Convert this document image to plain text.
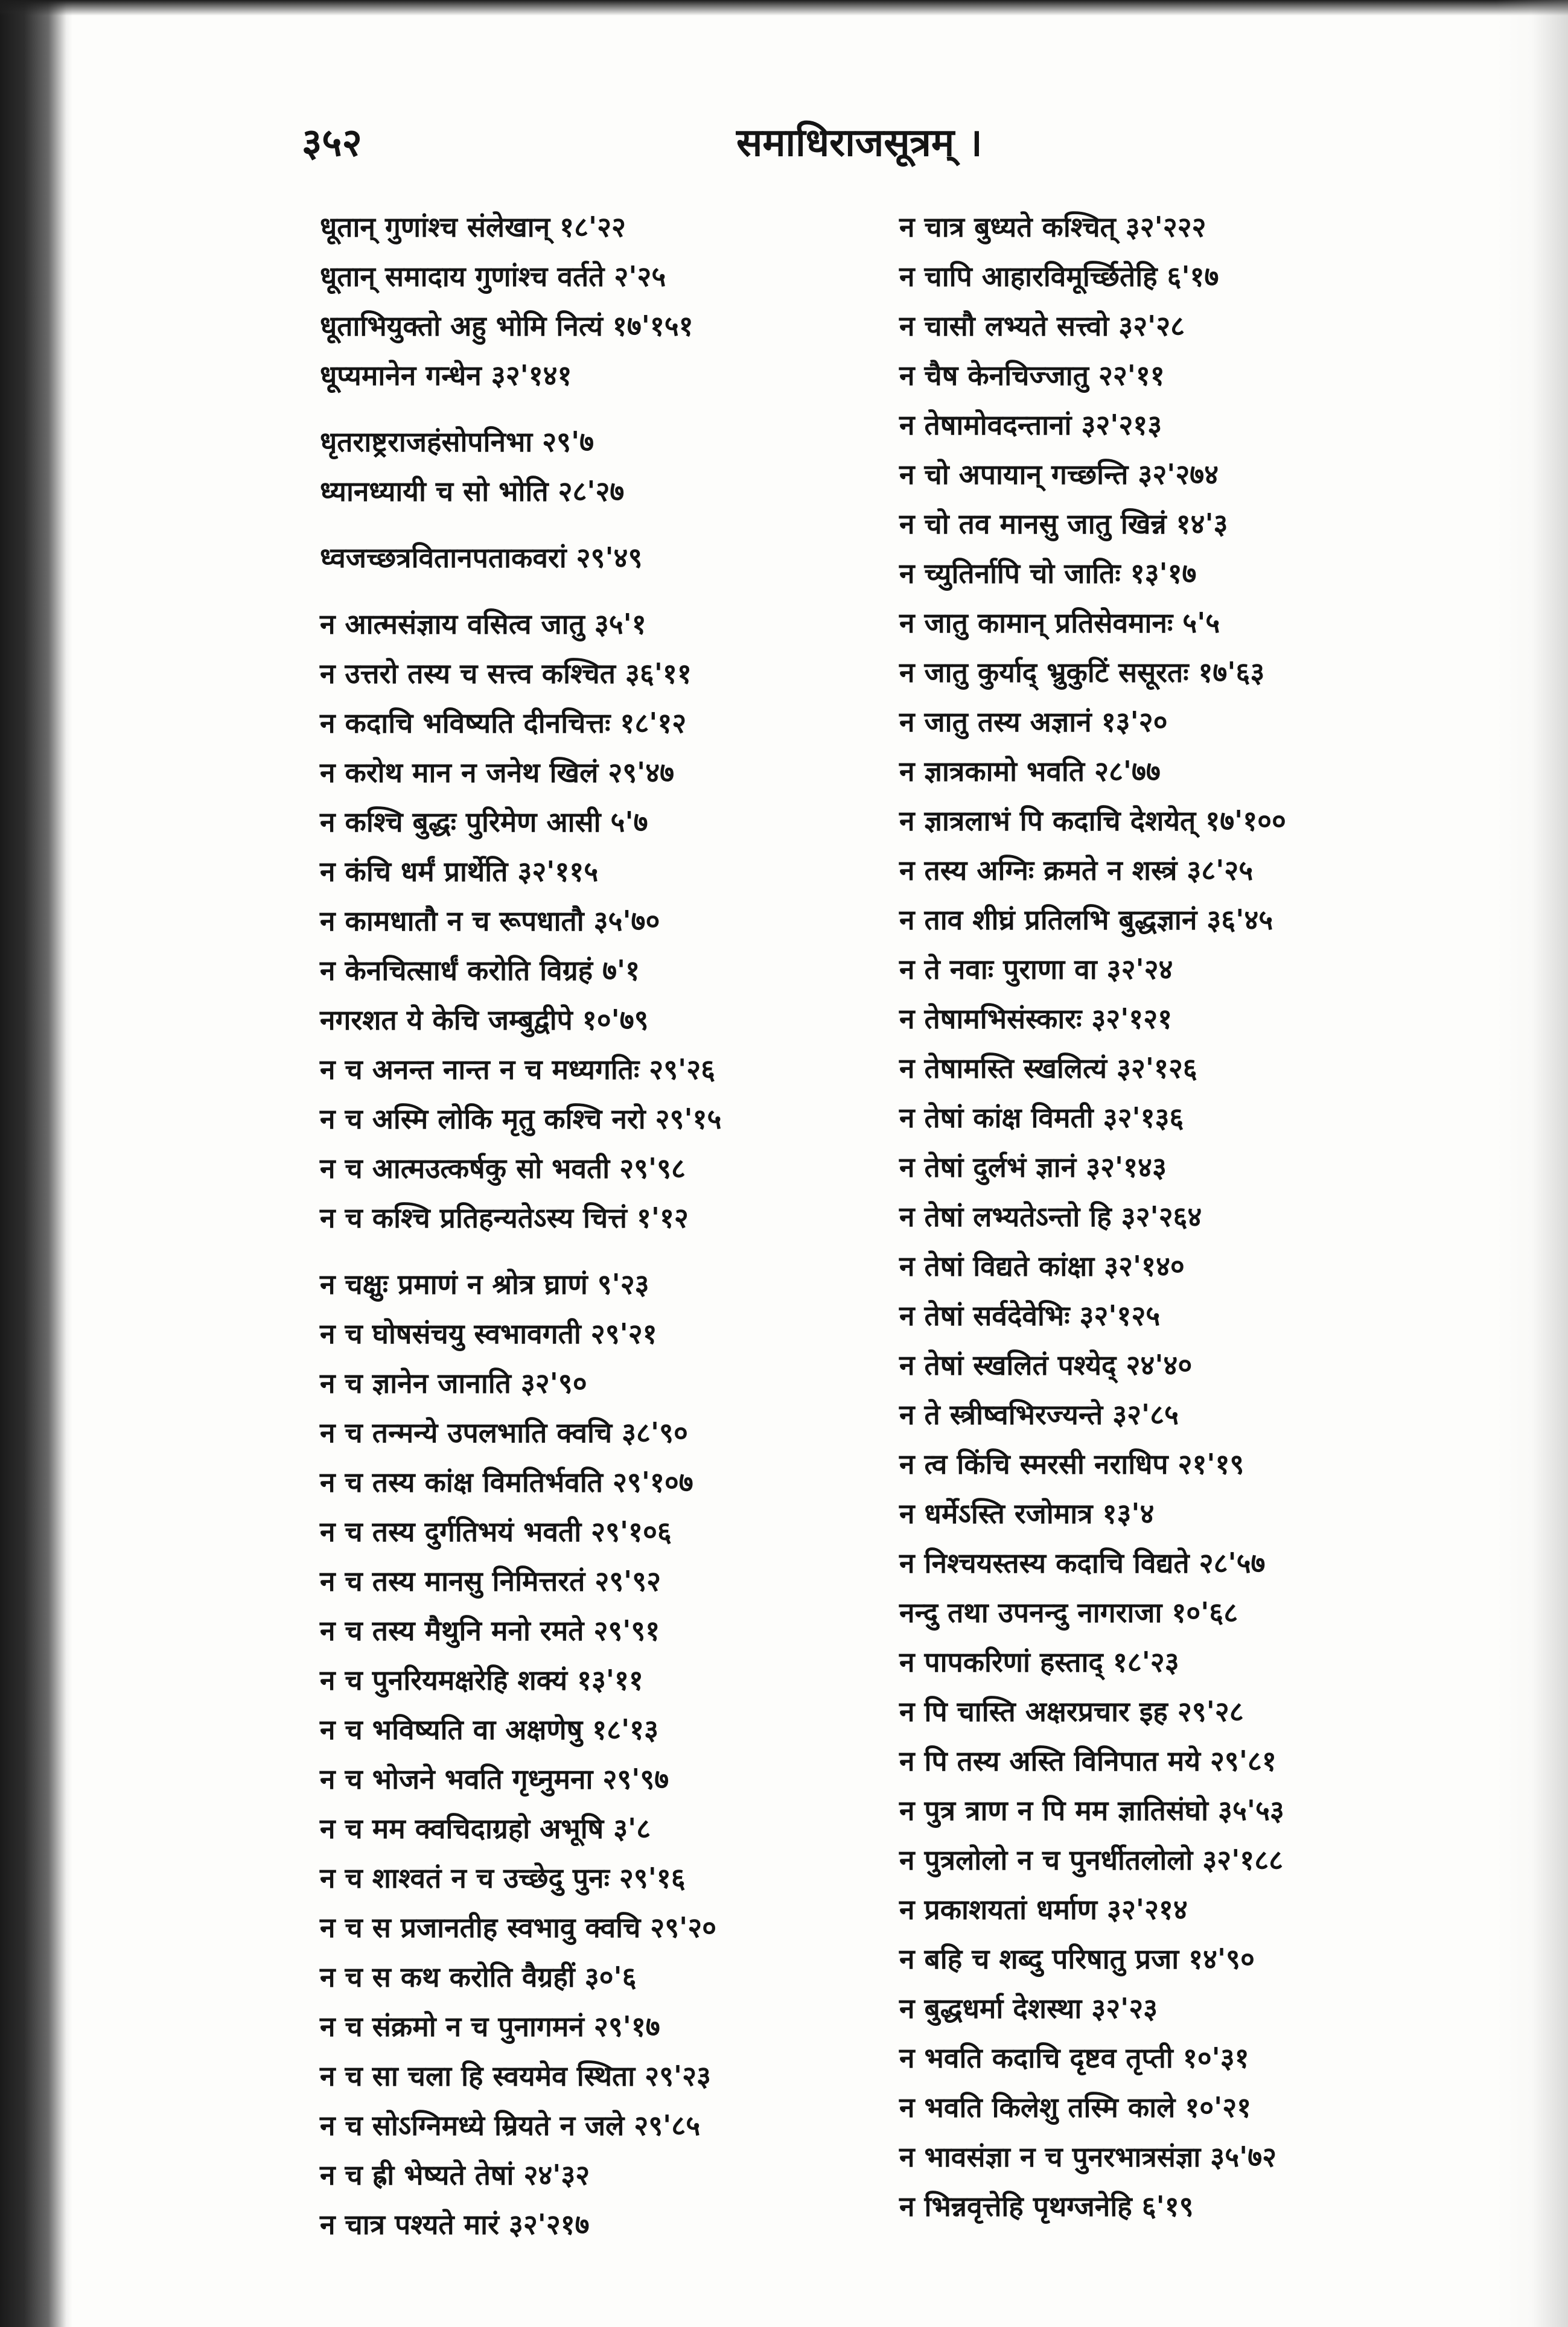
३५२	समाधिराजसूत्रम् ।
धूतान् गुणांश्च संलेखान् १८'२२
धूतान् समादाय गुणांश्च वर्तते २'२५
धूताभियुक्तो अहु भोमि नित्यं १७'१५१
धूप्यमानेन गन्धेन ३२'१४१
धृतराष्ट्रराजहंसोपनिभा २९'७
ध्यानध्यायी च सो भोति २८'२७
ध्वजच्छत्रवितानपताकवरां २९'४९
न आत्मसंज्ञाय वसित्व जातु ३५'१
न उत्तरो तस्य च सत्त्व कश्चित ३६'११
न कदाचि भविष्यति दीनचित्तः १८'१२
न करोथ मान न जनेथ खिलं २९'४७
न कश्चि बुद्धः पुरिमेण आसी ५'७
न कंचि धर्मं प्रार्थेति ३२'११५
न कामधातौ न च रूपधातौ ३५'७०
न केनचित्सार्धं करोति विग्रहं ७'१
नगरशत ये केचि जम्बुद्वीपे १०'७९
न च अनन्त नान्त न च मध्यगतिः २९'२६
न च अस्मि लोकि मृतु कश्चि नरो २९'१५
न च आत्मउत्कर्षकु सो भवती २९'९८
न च कश्चि प्रतिहन्यतेऽस्य चित्तं १'१२
न चक्षुः प्रमाणं न श्रोत्र घ्राणं ९'२३
न च घोषसंचयु स्वभावगती २९'२१
न च ज्ञानेन जानाति ३२'९०
न च तन्मन्ये उपलभाति क्वचि ३८'९०
न च तस्य कांक्ष विमतिर्भवति २९'१०७
न च तस्य दुर्गतिभयं भवती २९'१०६
न च तस्य मानसु निमित्तरतं २९'९२
न च तस्य मैथुनि मनो रमते २९'९१
न च पुनरियमक्षरेहि शक्यं १३'११
न च भविष्यति वा अक्षणेषु १८'१३
न च भोजने भवति गृध्नुमना २९'९७
न च मम क्वचिदाग्रहो अभूषि ३'८
न च शाश्वतं न च उच्छेदु पुनः २९'१६
न च स प्रजानतीह स्वभावु क्वचि २९'२०
न च स कथ करोति वैग्रहीं ३०'६
न च संक्रमो न च पुनागमनं २९'१७
न च सा चला हि स्वयमेव स्थिता २९'२३
न च सोऽग्निमध्ये म्रियते न जले २९'८५
न च ह्री भेष्यते तेषां २४'३२
न चात्र पश्यते मारं ३२'२१७
न चात्र बुध्यते कश्चित् ३२'२२२
न चापि आहारविमूर्च्छितेहि ६'१७
न चासौ लभ्यते सत्त्वो ३२'२८
न चैष केनचिज्जातु २२'११
न तेषामोवदन्तानां ३२'२१३
न चो अपायान् गच्छन्ति ३२'२७४
न चो तव मानसु जातु खिन्नं १४'३
न च्युतिर्नापि चो जातिः १३'१७
न जातु कामान् प्रतिसेवमानः ५'५
न जातु कुर्याद् भ्रुकुटिं ससूरतः १७'६३
न जातु तस्य अज्ञानं १३'२०
न ज्ञात्रकामो भवति २८'७७
न ज्ञात्रलाभं पि कदाचि देशयेत् १७'१००
न तस्य अग्निः क्रमते न शस्त्रं ३८'२५
न ताव शीघ्रं प्रतिलभि बुद्धज्ञानं ३६'४५
न ते नवाः पुराणा वा ३२'२४
न तेषामभिसंस्कारः ३२'१२१
न तेषामस्ति स्खलित्यं ३२'१२६
न तेषां कांक्ष विमती ३२'१३६
न तेषां दुर्लभं ज्ञानं ३२'१४३
न तेषां लभ्यतेऽन्तो हि ३२'२६४
न तेषां विद्यते कांक्षा ३२'१४०
न तेषां सर्वदेवेभिः ३२'१२५
न तेषां स्खलितं पश्येद् २४'४०
न ते स्त्रीष्वभिरज्यन्ते ३२'८५
न त्व किंचि स्मरसी नराधिप २१'१९
न धर्मेऽस्ति रजोमात्र १३'४
न निश्चयस्तस्य कदाचि विद्यते २८'५७
नन्दु तथा उपनन्दु नागराजा १०'६८
न पापकरिणां हस्ताद् १८'२३
न पि चास्ति अक्षरप्रचार इह २९'२८
न पि तस्य अस्ति विनिपात मये २९'८१
न पुत्र त्राण न पि मम ज्ञातिसंघो ३५'५३
न पुत्रलोलो न च पुनर्धीतलोलो ३२'१८८
न प्रकाशयतां धर्माण ३२'२१४
न बहि च शब्दु परिषातु प्रजा १४'९०
न बुद्धधर्मा देशस्था ३२'२३
न भवति कदाचि दृष्टव तृप्ती १०'३१
न भवति किलेशु तस्मि काले १०'२१
न भावसंज्ञा न च पुनरभात्रसंज्ञा ३५'७२
न भिन्नवृत्तेहि पृथग्जनेहि ६'१९
